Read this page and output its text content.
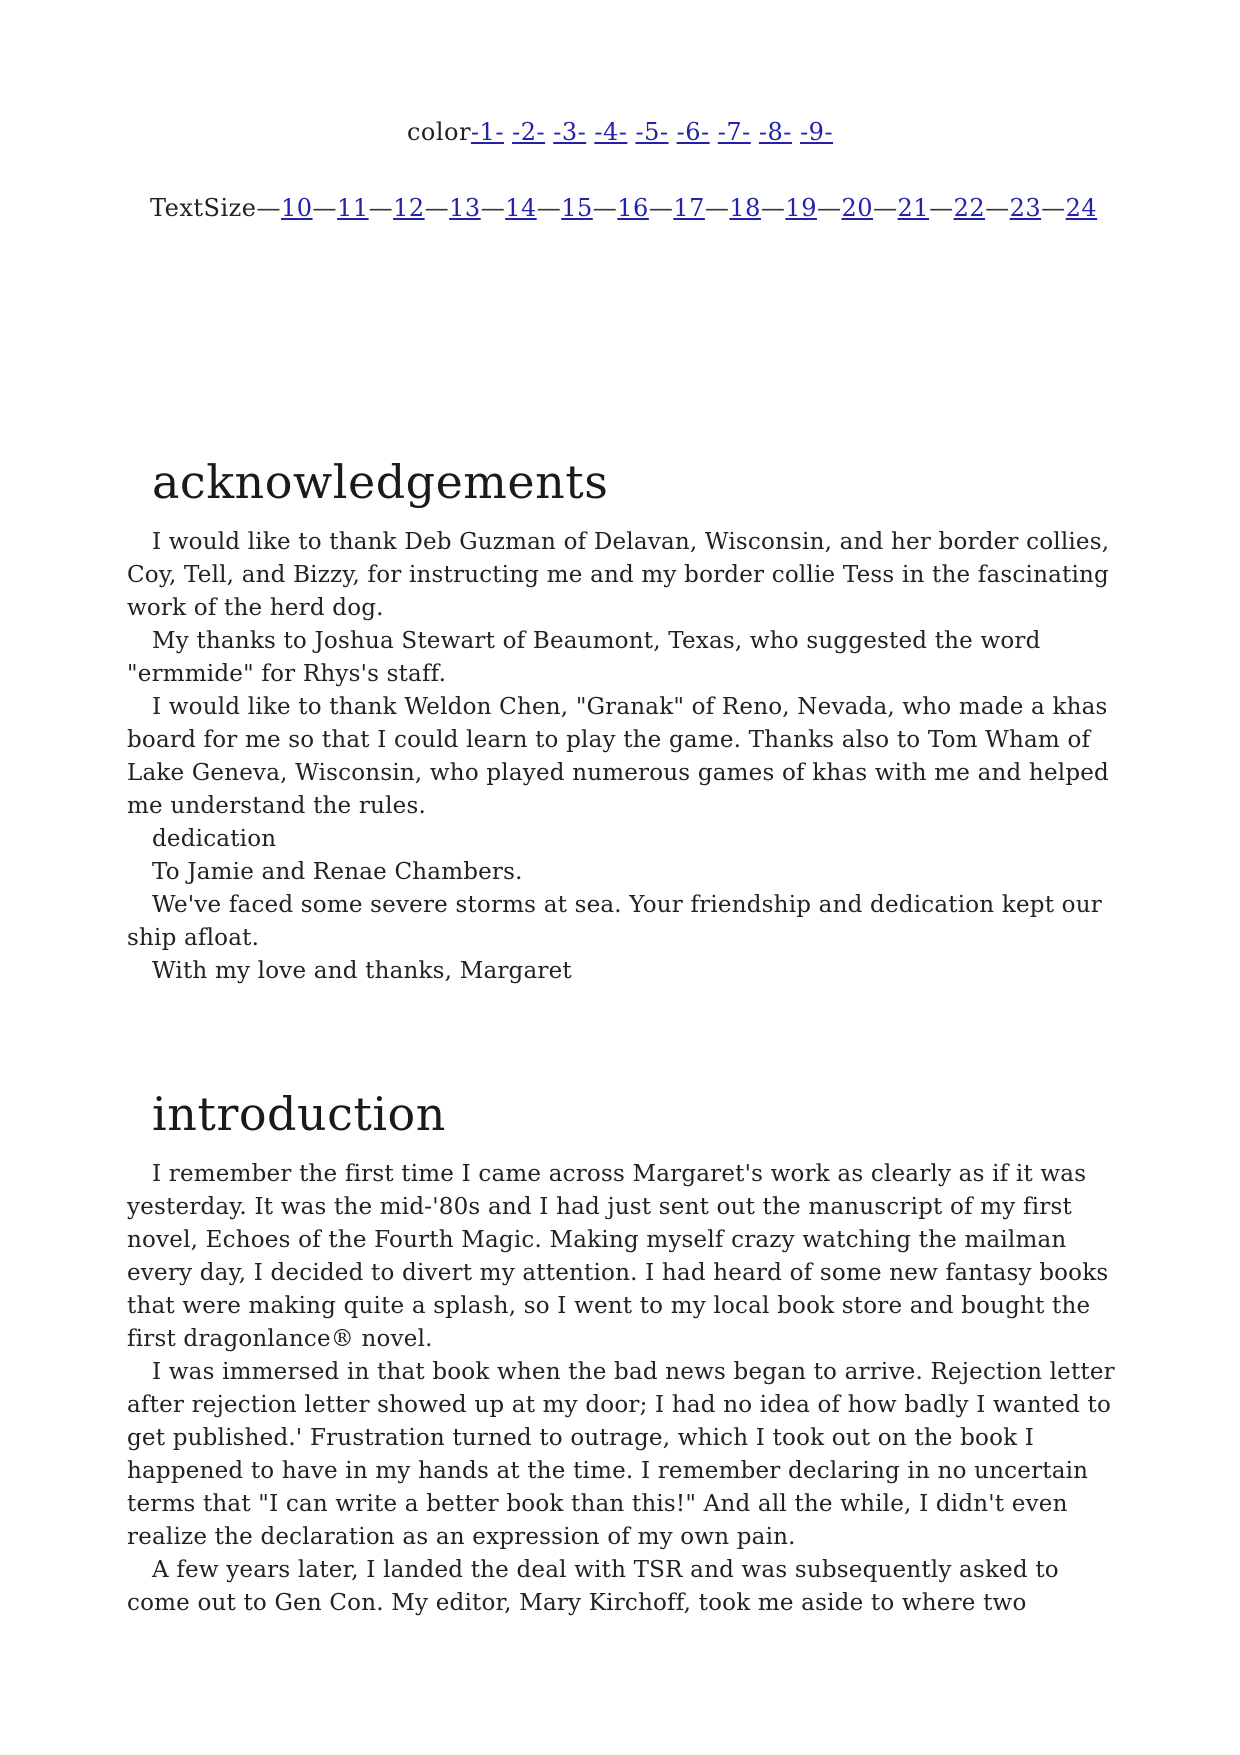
color-1- -2- -3- -4- -5- -6- -7- -8- -9-
TextSize—10—11—12—13—14—15—16—17—18—19—20—21—22—23—24
acknowledgements

I would like to thank Deb Guzman of Delavan, Wisconsin, and her border collies, Coy, Tell, and Bizzy, for instructing me and my border collie Tess in the fascinating work of the herd dog.

My thanks to Joshua Stewart of Beaumont, Texas, who suggested the word "ermmide" for Rhys's staff.

I would like to thank Weldon Chen, "Granak" of Reno, Nevada, who made a khas board for me so that I could learn to play the game. Thanks also to Tom Wham of Lake Geneva, Wisconsin, who played numerous games of khas with me and helped me understand the rules.

dedication

To Jamie and Renae Chambers.

We've faced some severe storms at sea. Your friendship and dedication kept our ship afloat.

With my love and thanks, Margaret

introduction

I remember the first time I came across Margaret's work as clearly as if it was yesterday. It was the mid-'80s and I had just sent out the manuscript of my first novel, Echoes of the Fourth Magic. Making myself crazy watching the mailman every day, I decided to divert my attention. I had heard of some new fantasy books that were making quite a splash, so I went to my local book store and bought the first dragonlance® novel.

I was immersed in that book when the bad news began to arrive. Rejection letter after rejection letter showed up at my door; I had no idea of how badly I wanted to get published.' Frustration turned to outrage, which I took out on the book I happened to have in my hands at the time. I remember declaring in no uncertain terms that "I can write a better book than this!" And all the while, I didn't even realize the declaration as an expression of my own pain.

A few years later, I landed the deal with TSR and was subsequently asked to come out to Gen Con. My editor, Mary Kirchoff, took me aside to where two
